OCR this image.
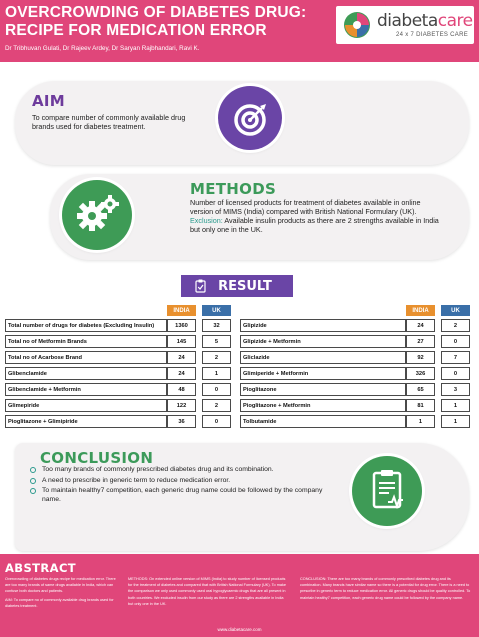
OVERCROWDING OF DIABETES DRUG:
RECIPE FOR MEDICATION ERROR
Dr Tribhuvan Gulati, Dr Rajeev Ardey, Dr Saryan Rajbhandari, Ravi K.
diabetacare
24 x 7 DIABETES CARE
AIM
To compare number of commonly available drug brands used for diabetes treatment.
METHODS
Number of licensed products for treatment of diabetes available in online version of MIMS (India) compared with British National Formulary (UK).
Exclusion: Available insulin products as there are 2 strengths available in India but only one in the UK.
RESULT
	INDIA		UK
Total number of drugs for diabetes (Excluding Insulin)	1360		32
Total no of Metformin Brands	145		5
Total no of Acarbose Brand	24		2
Glibenclamide	24		1
Glibenclamide + Metformin	48		0
Glimepiride	122		2
Pioglitazone + Glimipiride	36		0
	INDIA		UK
Glipizide	24		2
Glipizide + Metformin	27		0
Gliclazide	92		7
Glimiperide + Metformin	326		0
Pioglitazone	65		3
Pioglitazone + Metformin	81		1
Tolbutamide	1		1
CONCLUSION
Too many brands of commonly prescribed diabetes drug and its combination.
A need to prescribe in generic term to reduce medication error.
To maintain healthy7 competition, each generic drug name could be followed by the company name.
ABSTRACT
Overcrowding of diabetes drugs recipe for medication error. There are too many brands of same drugs available in India, which can confuse both doctors and patients.
AIM: To compare no of commonly available drug brands used for diabetes treatment.
METHODS: On extended online version of MIMS (India) to study number of licensed products for the treatment of diabetes and compared that with British National Formulary (UK). To make the comparison we only used commonly used oral hypoglycaemic drugs that are all present in both countries. We excluded insulin from our study as there are 2 strengths available in India but only one in the UK.
CONCLUSION: There are too many brands of commonly prescribed diabetes drug and its combination. Many brands have similar name so there is a potential for drug error. There is a need to prescribe in generic term to reduce medication error. All generic drugs should be quality controlled. To maintain healthy7 competition, each generic drug name could be followed by the company name.
www.diabetacare.com
